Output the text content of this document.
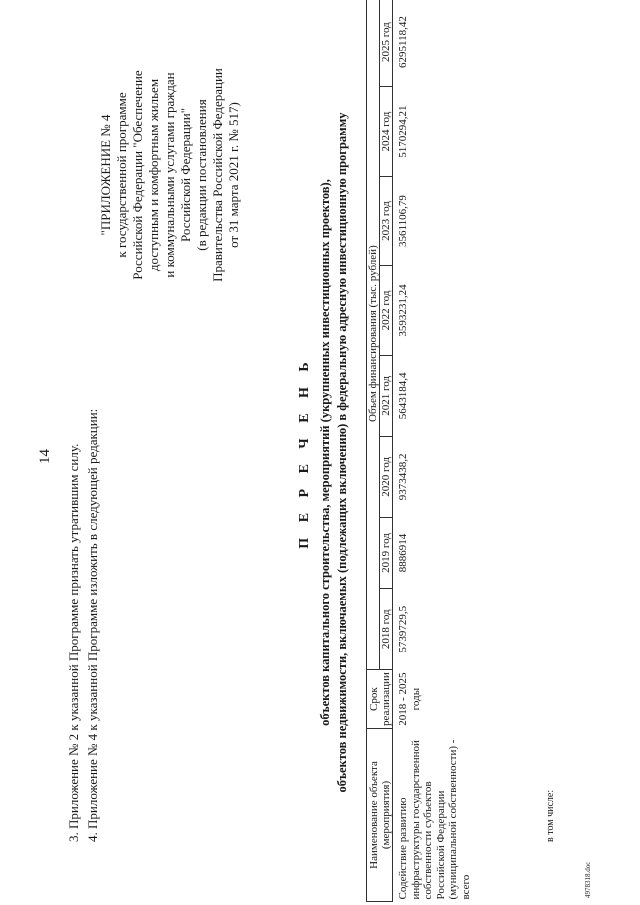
14 3. Приложение № 2 к указанной Программе признать утратившим силу. 4. Приложение № 4 к указанной Программе изложить в следующей редакции:
"ПРИЛОЖЕНИЕ № 4 к государственной программе Российской Федерации "Обеспечение доступным и комфортным жильем и коммунальными услугами граждан Российской Федерации" (в редакции постановления Правительства Российской Федерации от 31 марта 2021 г. № 517)
П Е Р Е Ч Е Н Ь объектов капитального строительства, мероприятий (укрупненных инвестиционных проектов), объектов недвижимости, включаемых (подлежащих включению) в федеральную адресную инвестиционную программу
Наименование объекта (мероприятия)	Срок реализации	Объем финансирования (тыс. рублей)							
		2018 год	2019 год	2020 год	2021 год	2022 год	2023 год	2024 год	2025 год
Содействие развитию инфраструктуры государственной собственности субъектов Российской Федерации (муниципальной собственности) - всего	2018 - 2025 годы	5739729,5	8886914	9373438,2	5643184,4	3593231,24	3561106,79	5170294,21	6295118,42
в том числе:
4978318.doc
